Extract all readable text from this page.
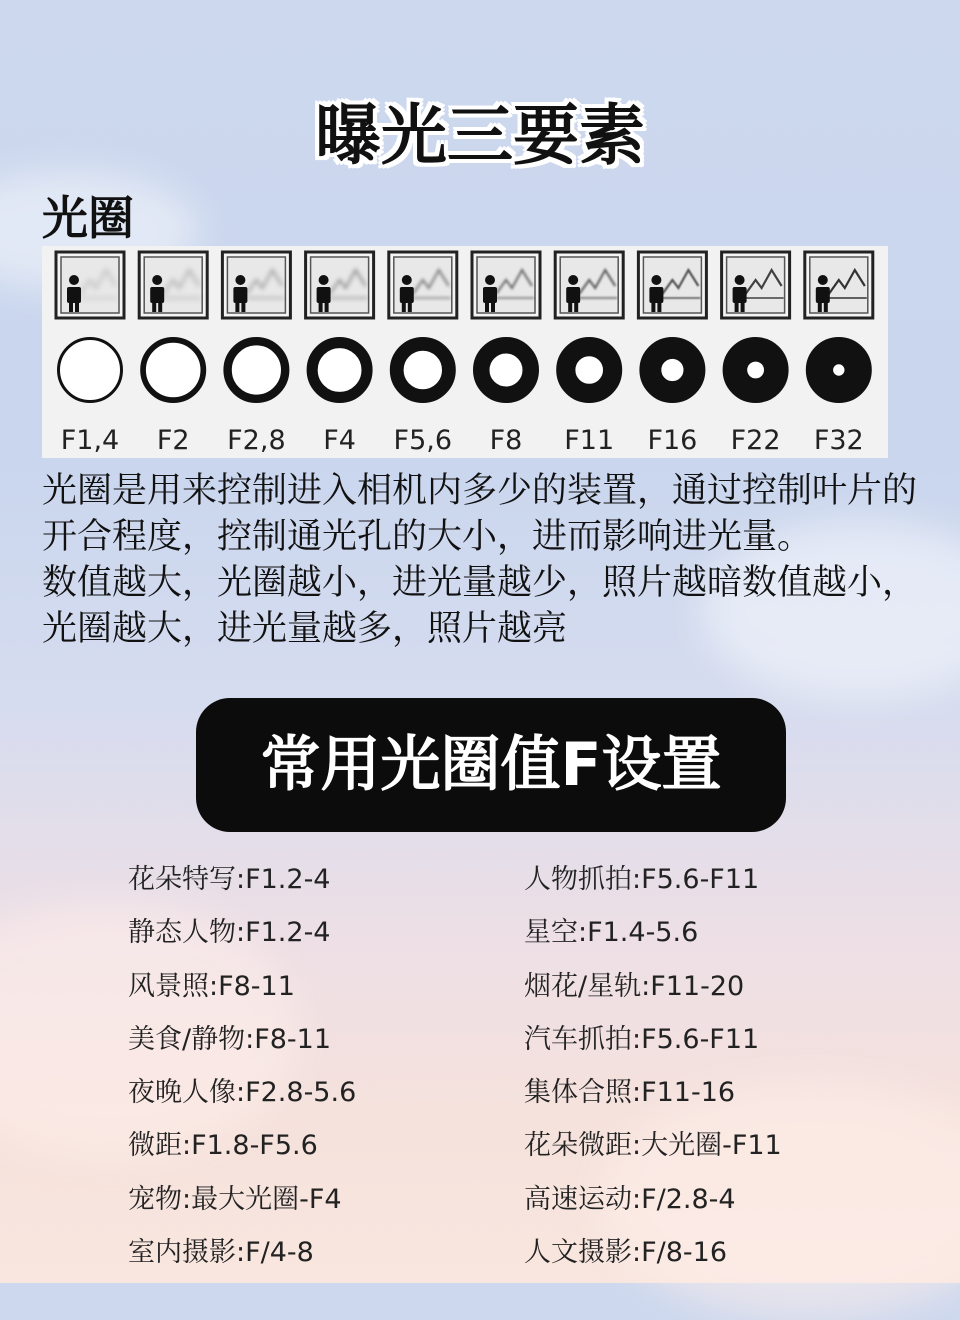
曝光三要素
光圈
F1,4 F2 F2,8 F4 F5,6 F8 F11 F16 F22 F32

光圈是用来控制进入相机内多少的装置，通过控制叶片的开合程度，控制通光孔的大小，进而影响进光量。

数值越大，光圈越小，进光量越少，照片越暗数值越小，光圈越大，进光量越多，照片越亮

常用光圈值F设置
花朵特写:F1.2-4	人物抓拍:F5.6-F11
静态人物:F1.2-4	星空:F1.4-5.6
风景照:F8-11	烟花/星轨:F11-20
美食/静物:F8-11	汽车抓拍:F5.6-F11
夜晚人像:F2.8-5.6	集体合照:F11-16
微距:F1.8-F5.6	花朵微距:大光圈-F11
宠物:最大光圈-F4	高速运动:F/2.8-4
室内摄影:F/4-8	人文摄影:F/8-16
